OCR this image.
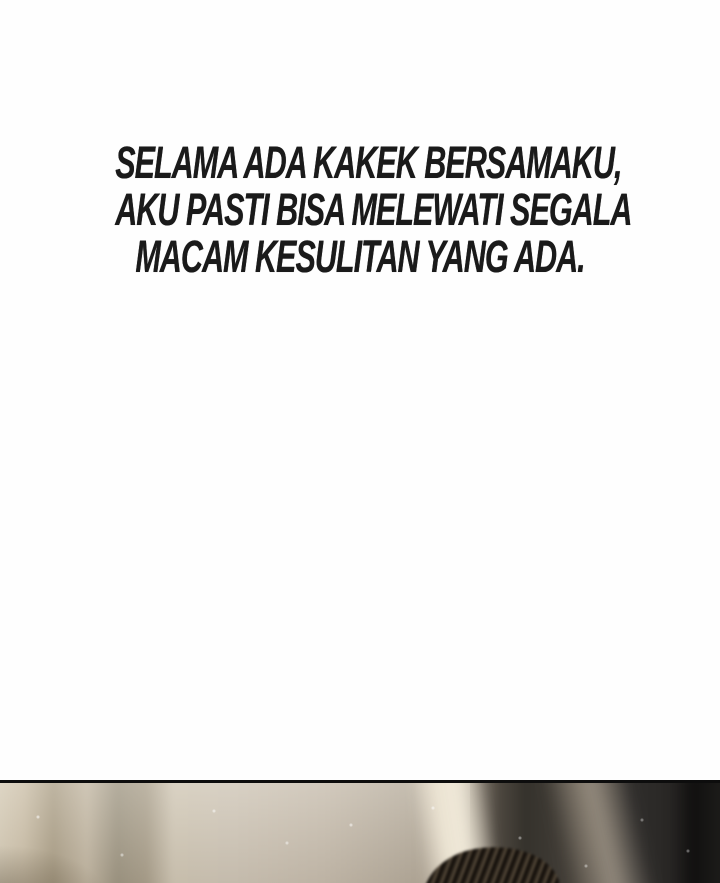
SELAMA ADA KAKEK BERSAMAKU,
AKU PASTI BISA MELEWATI SEGALA
MACAM KESULITAN YANG ADA.
